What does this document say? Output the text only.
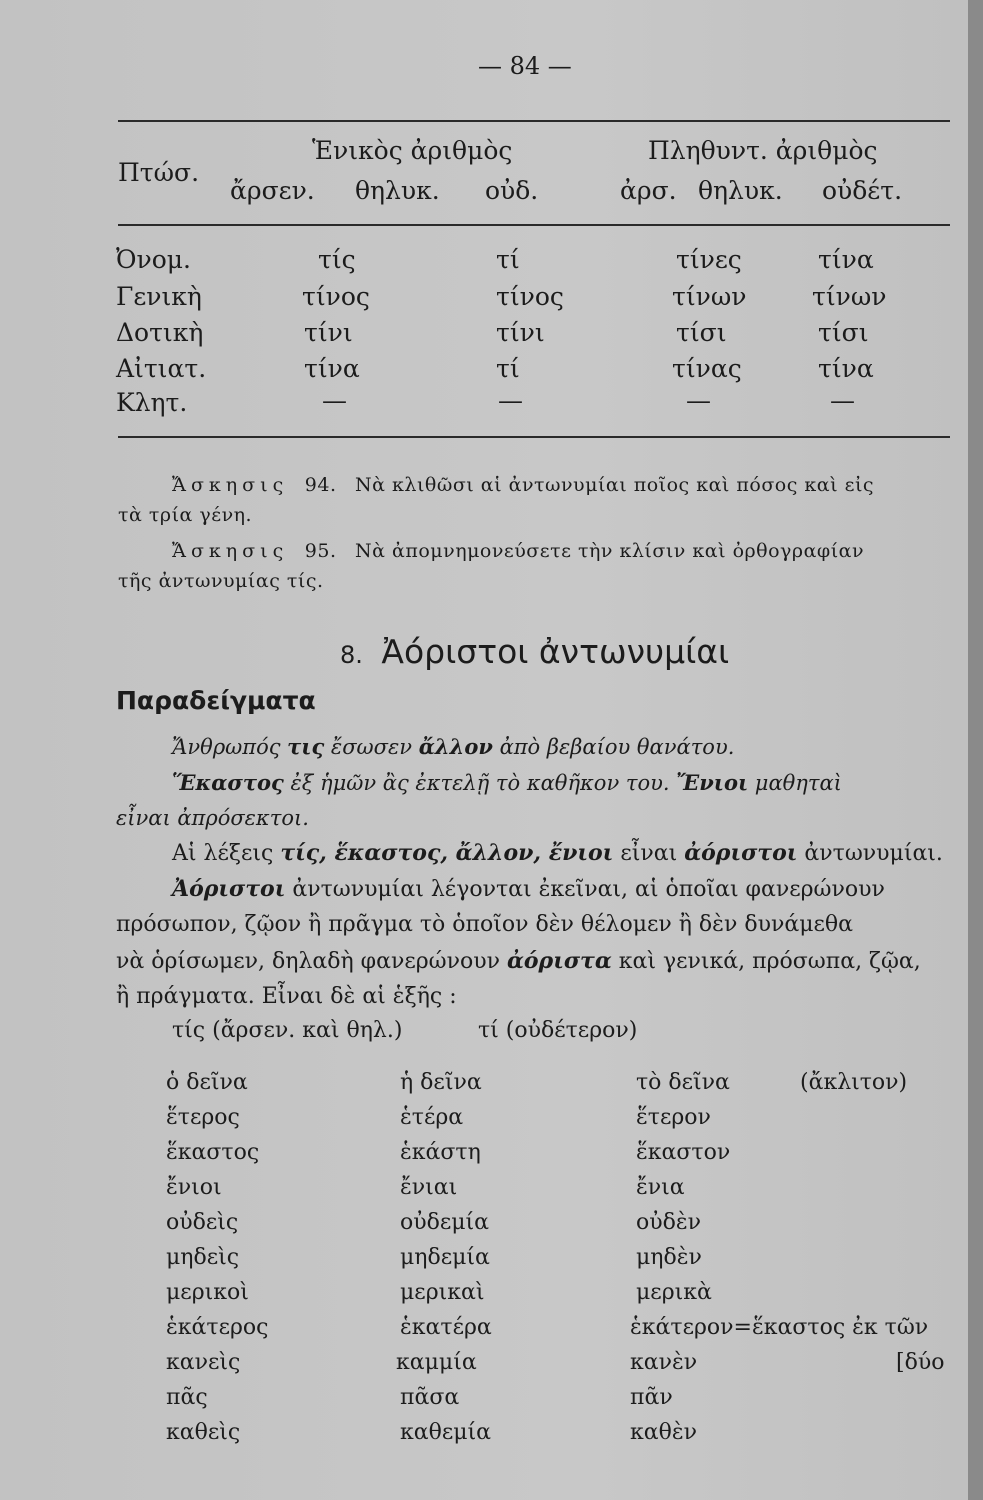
— 84 —
Πτώσ.
Ἑνικὸς ἀριθμὸς	Πληθυντ. ἀριθμὸς
ἄρσεν. θηλυκ. οὐδ.	ἀρσ. θηλυκ. οὐδέτ.
Ὀνομ.	τίς	τί	τίνες	τίνα
Γενικὴ	τίνος	τίνος	τίνων	τίνων
Δοτικὴ	τίνι	τίνι	τίσι	τίσι
Αἰτιατ.	τίνα	τί	τίνας	τίνα
Κλητ.	—	—	—	—
Ἄσκησις 94. Νὰ κλιθῶσι αἱ ἀντωνυμίαι ποῖος καὶ πόσος καὶ εἰς
τὰ τρία γένη.
Ἄσκησις 95. Νὰ ἀπομνημονεύσετε τὴν κλίσιν καὶ ὀρθογραφίαν
τῆς ἀντωνυμίας τίς.
8. Ἀόριστοι ἀντωνυμίαι
Παραδείγματα
Ἄνθρωπός τις ἔσωσεν ἄλλον ἀπὸ βεβαίου θανάτου.
Ἕκαστος ἐξ ἡμῶν ἂς ἐκτελῇ τὸ καθῆκον του. Ἔνιοι μαθηταὶ
εἶναι ἀπρόσεκτοι.
Αἱ λέξεις τίς, ἕκαστος, ἄλλον, ἔνιοι εἶναι ἀόριστοι ἀντωνυμίαι.
Ἀόριστοι ἀντωνυμίαι λέγονται ἐκεῖναι, αἱ ὁποῖαι φανερώνουν
πρόσωπον, ζῷον ἢ πρᾶγμα τὸ ὁποῖον δὲν θέλομεν ἢ δὲν δυνάμεθα
νὰ ὁρίσωμεν, δηλαδὴ φανερώνουν ἀόριστα καὶ γενικά, πρόσωπα, ζῷα,
ἢ πράγματα. Εἶναι δὲ αἱ ἑξῆς :
τίς (ἄρσεν. καὶ θηλ.)	τί (οὐδέτερον)
ὁ δεῖνα	ἡ δεῖνα	τὸ δεῖνα	(ἄκλιτον)
ἕτερος	ἑτέρα	ἕτερον
ἕκαστος	ἑκάστη	ἕκαστον
ἔνιοι	ἔνιαι	ἔνια
οὐδεὶς	οὐδεμία	οὐδὲν
μηδεὶς	μηδεμία	μηδὲν
μερικοὶ	μερικαὶ	μερικὰ
ἑκάτερος	ἑκατέρα	ἑκάτερον=ἕκαστος ἐκ τῶν
κανεὶς	καμμία	κανὲν	[δύο
πᾶς	πᾶσα	πᾶν
καθεὶς	καθεμία	καθὲν
